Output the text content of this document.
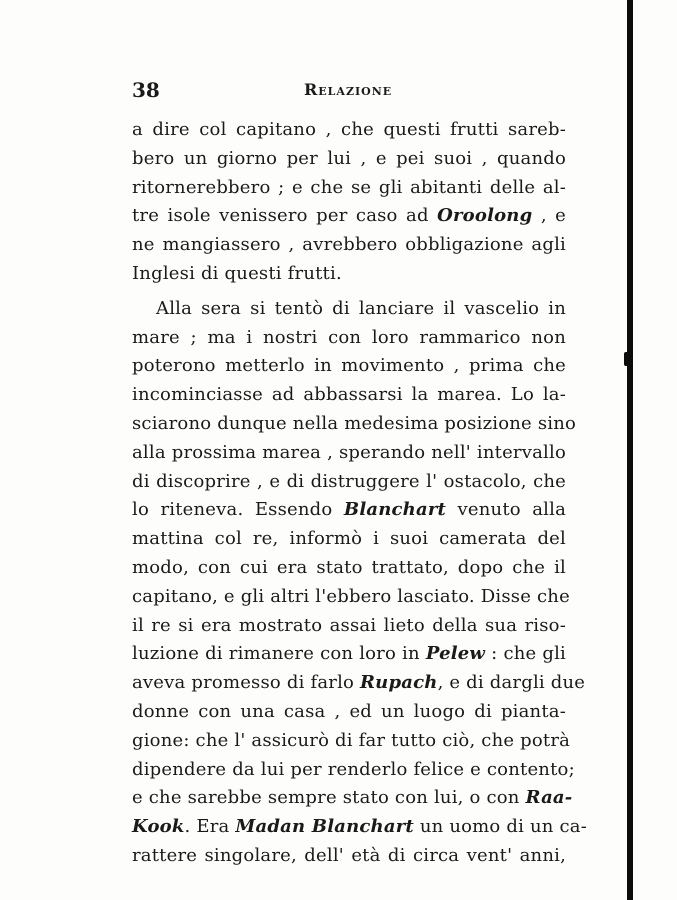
38	Relazione
a dire col capitano , che questi frutti sareb-
bero un giorno per lui , e pei suoi , quando
ritornerebbero ; e che se gli abitanti delle al-
tre isole venissero per caso ad Oroolong , e
ne mangiassero , avrebbero obbligazione agli
Inglesi di questi frutti.
Alla sera si tentò di lanciare il vascelio in
mare ; ma i nostri con loro rammarico non
poterono metterlo in movimento , prima che
incominciasse ad abbassarsi la marea. Lo la-
sciarono dunque nella medesima posizione sino
alla prossima marea , sperando nell' intervallo
di discoprire , e di distruggere l' ostacolo, che
lo riteneva. Essendo Blanchart venuto alla
mattina col re, informò i suoi camerata del
modo, con cui era stato trattato, dopo che il
capitano, e gli altri l'ebbero lasciato. Disse che
il re si era mostrato assai lieto della sua riso-
luzione di rimanere con loro in Pelew : che gli
aveva promesso di farlo Rupach, e di dargli due
donne con una casa , ed un luogo di pianta-
gione: che l' assicurò di far tutto ciò, che potrà
dipendere da lui per renderlo felice e contento;
e che sarebbe sempre stato con lui, o con Raa-
Kook. Era Madan Blanchart un uomo di un ca-
rattere singolare, dell' età di circa vent' anni,
